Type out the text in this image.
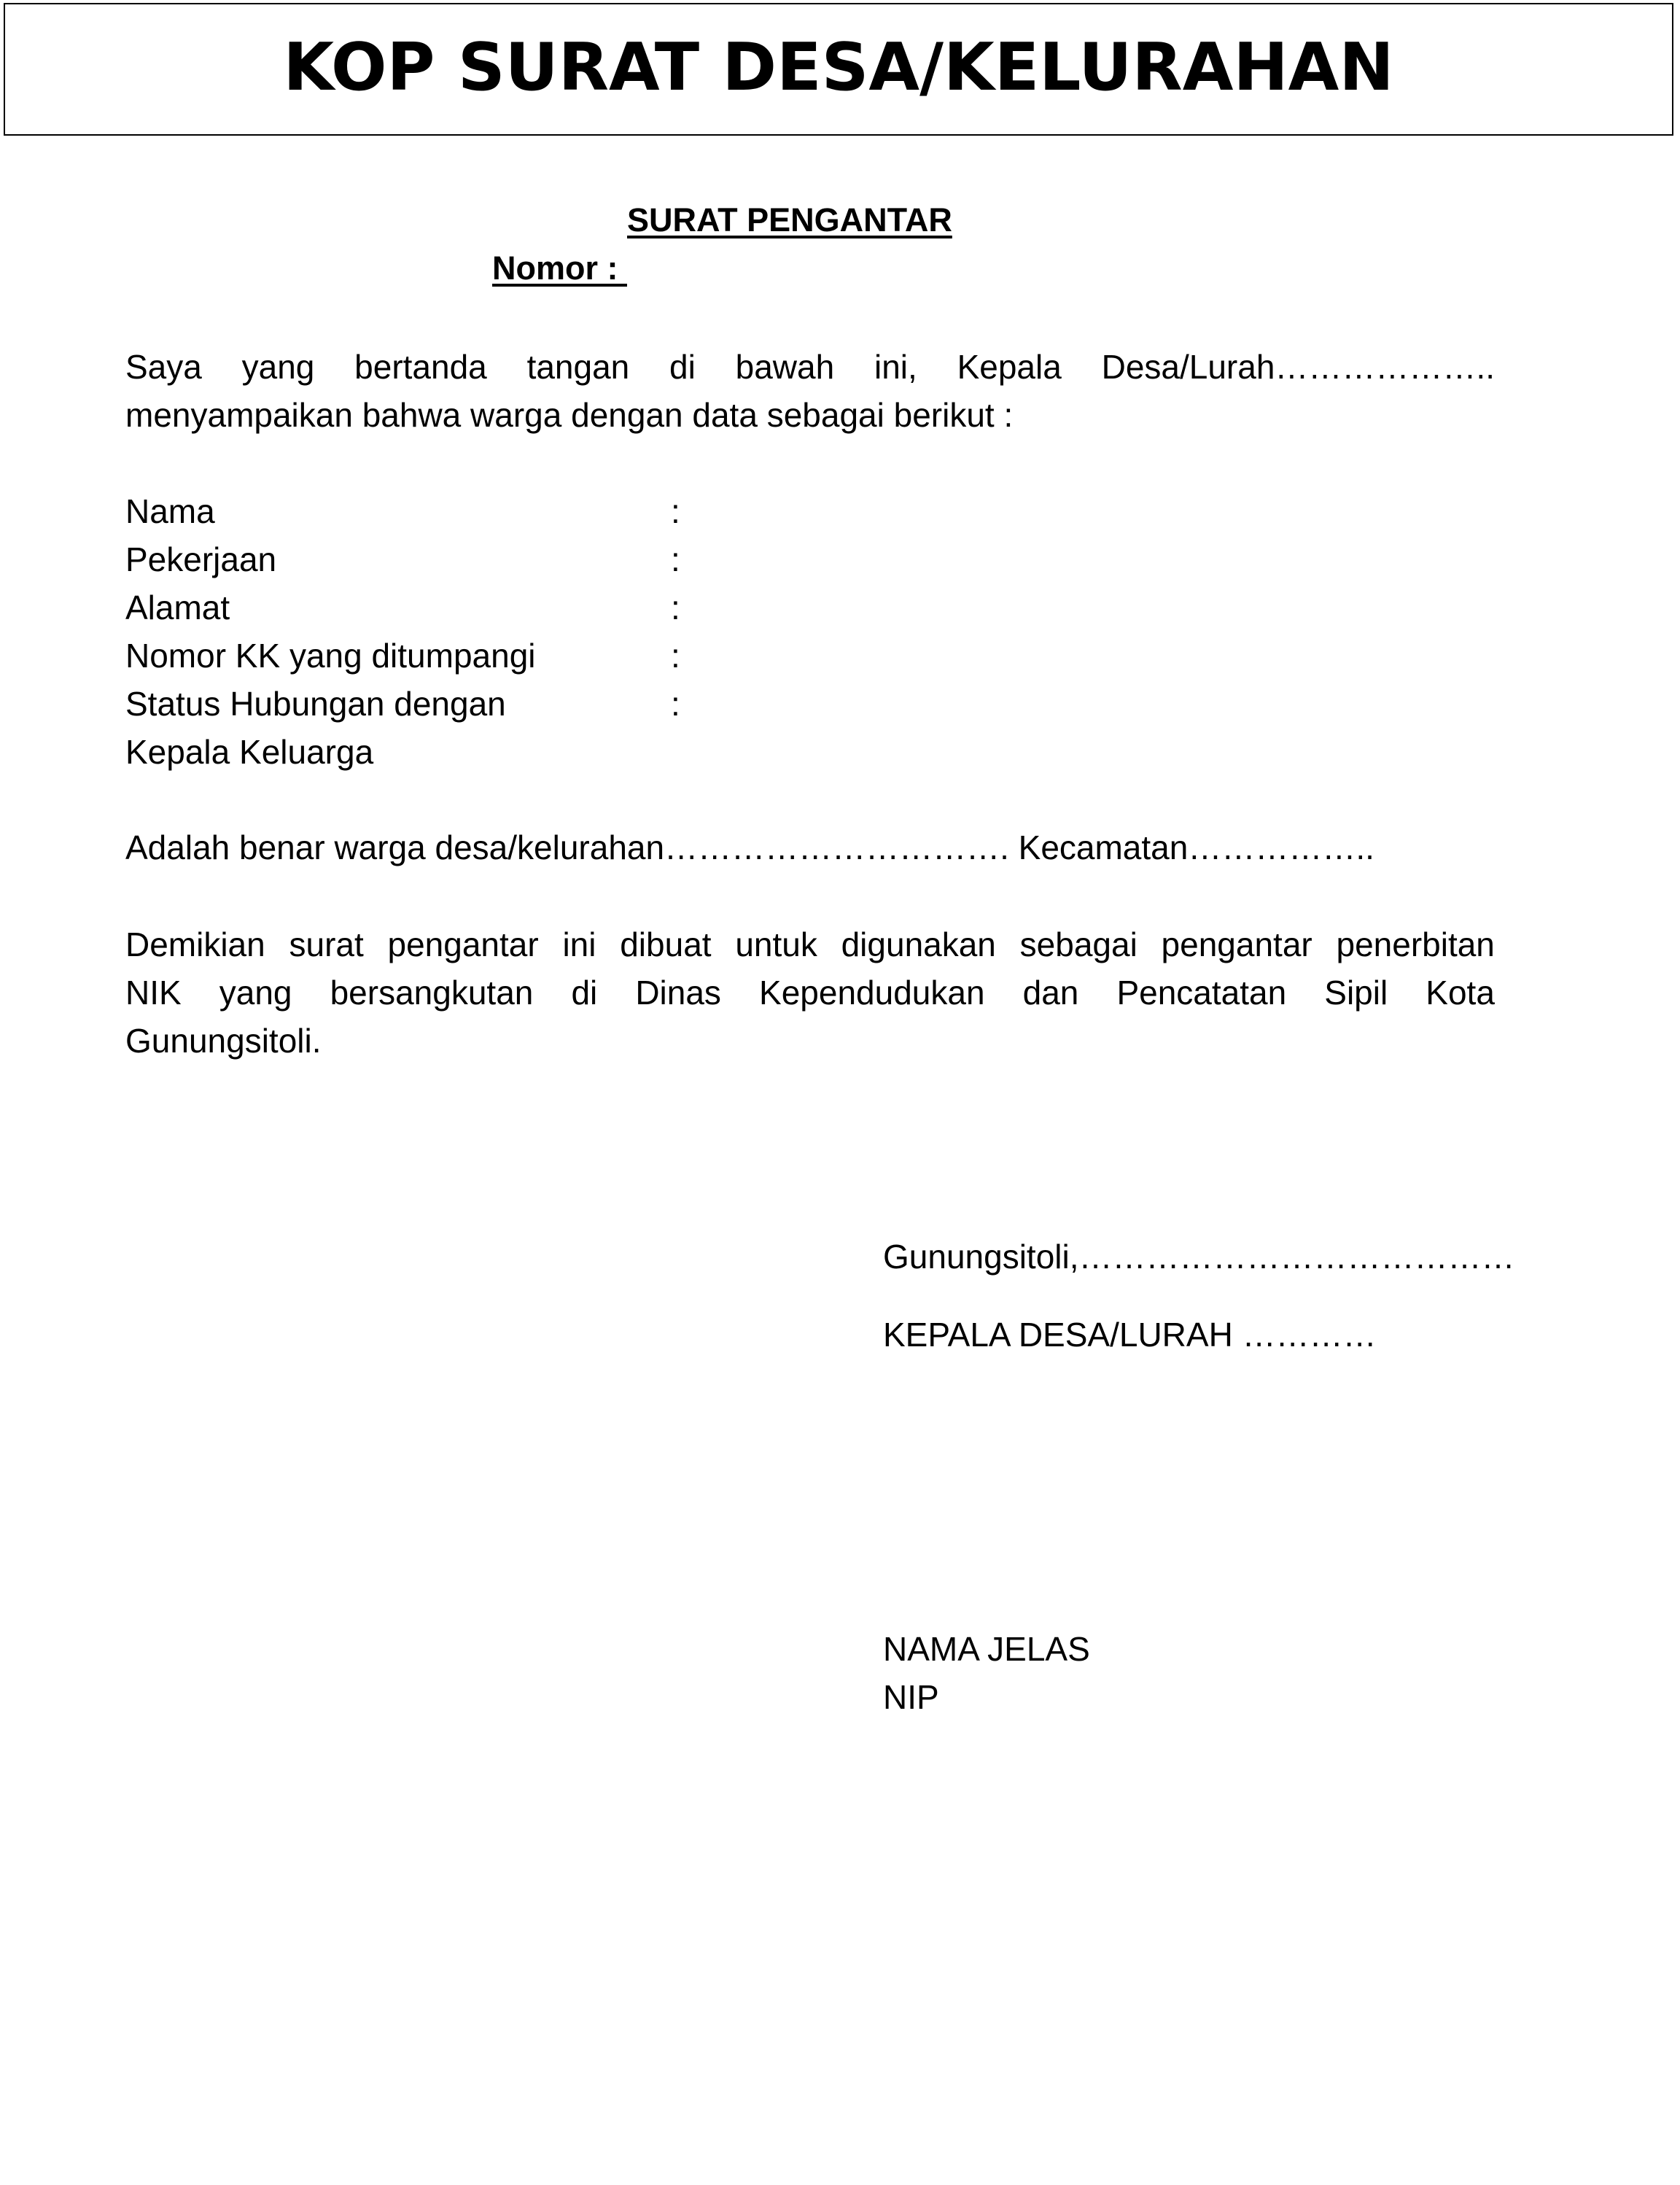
KOP SURAT DESA/KELURAHAN
SURAT PENGANTAR
Nomor :
Saya yang bertanda tangan di bawah ini, Kepala Desa/Lurah………………..
menyampaikan bahwa warga dengan data sebagai berikut :
Nama	:
Pekerjaan	:
Alamat	:
Nomor KK yang ditumpangi	:
Status Hubungan dengan	:
Kepala Keluarga
Adalah benar warga desa/kelurahan…………………………. Kecamatan……………..
Demikian surat pengantar ini dibuat untuk digunakan sebagai pengantar penerbitan
NIK yang bersangkutan di Dinas Kependudukan dan Pencatatan Sipil Kota
Gunungsitoli.
Gunungsitoli,…………………………………
KEPALA DESA/LURAH …………
NAMA JELAS
NIP
